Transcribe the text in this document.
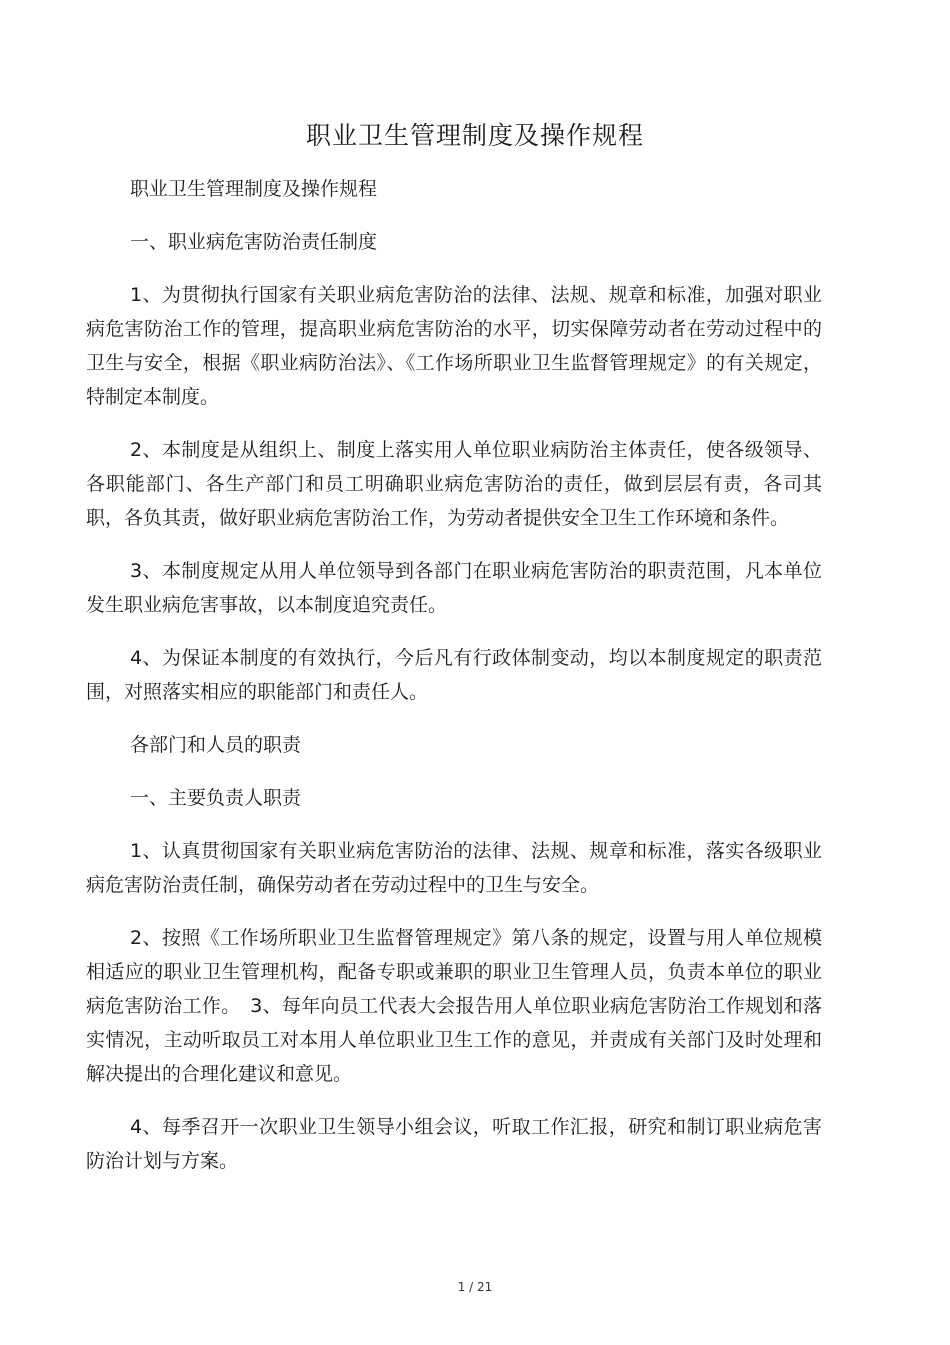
职业卫生管理制度及操作规程

职业卫生管理制度及操作规程

一、职业病危害防治责任制度

1、为贯彻执行国家有关职业病危害防治的法律、法规、规章和标准，加强对职业病危害防治工作的管理，提高职业病危害防治的水平，切实保障劳动者在劳动过程中的卫生与安全，根据《职业病防治法》、《工作场所职业卫生监督管理规定》的有关规定，特制定本制度。

2、本制度是从组织上、制度上落实用人单位职业病防治主体责任，使各级领导、各职能部门、各生产部门和员工明确职业病危害防治的责任，做到层层有责，各司其职，各负其责，做好职业病危害防治工作，为劳动者提供安全卫生工作环境和条件。

3、本制度规定从用人单位领导到各部门在职业病危害防治的职责范围，凡本单位发生职业病危害事故，以本制度追究责任。

4、为保证本制度的有效执行，今后凡有行政体制变动，均以本制度规定的职责范围，对照落实相应的职能部门和责任人。

各部门和人员的职责

一、主要负责人职责

1、认真贯彻国家有关职业病危害防治的法律、法规、规章和标准，落实各级职业病危害防治责任制，确保劳动者在劳动过程中的卫生与安全。

2、按照《工作场所职业卫生监督管理规定》第八条的规定，设置与用人单位规模相适应的职业卫生管理机构，配备专职或兼职的职业卫生管理人员，负责本单位的职业病危害防治工作。　3、每年向员工代表大会报告用人单位职业病危害防治工作规划和落实情况，主动听取员工对本用人单位职业卫生工作的意见，并责成有关部门及时处理和解决提出的合理化建议和意见。

4、每季召开一次职业卫生领导小组会议，听取工作汇报，研究和制订职业病危害防治计划与方案。

1 / 21
